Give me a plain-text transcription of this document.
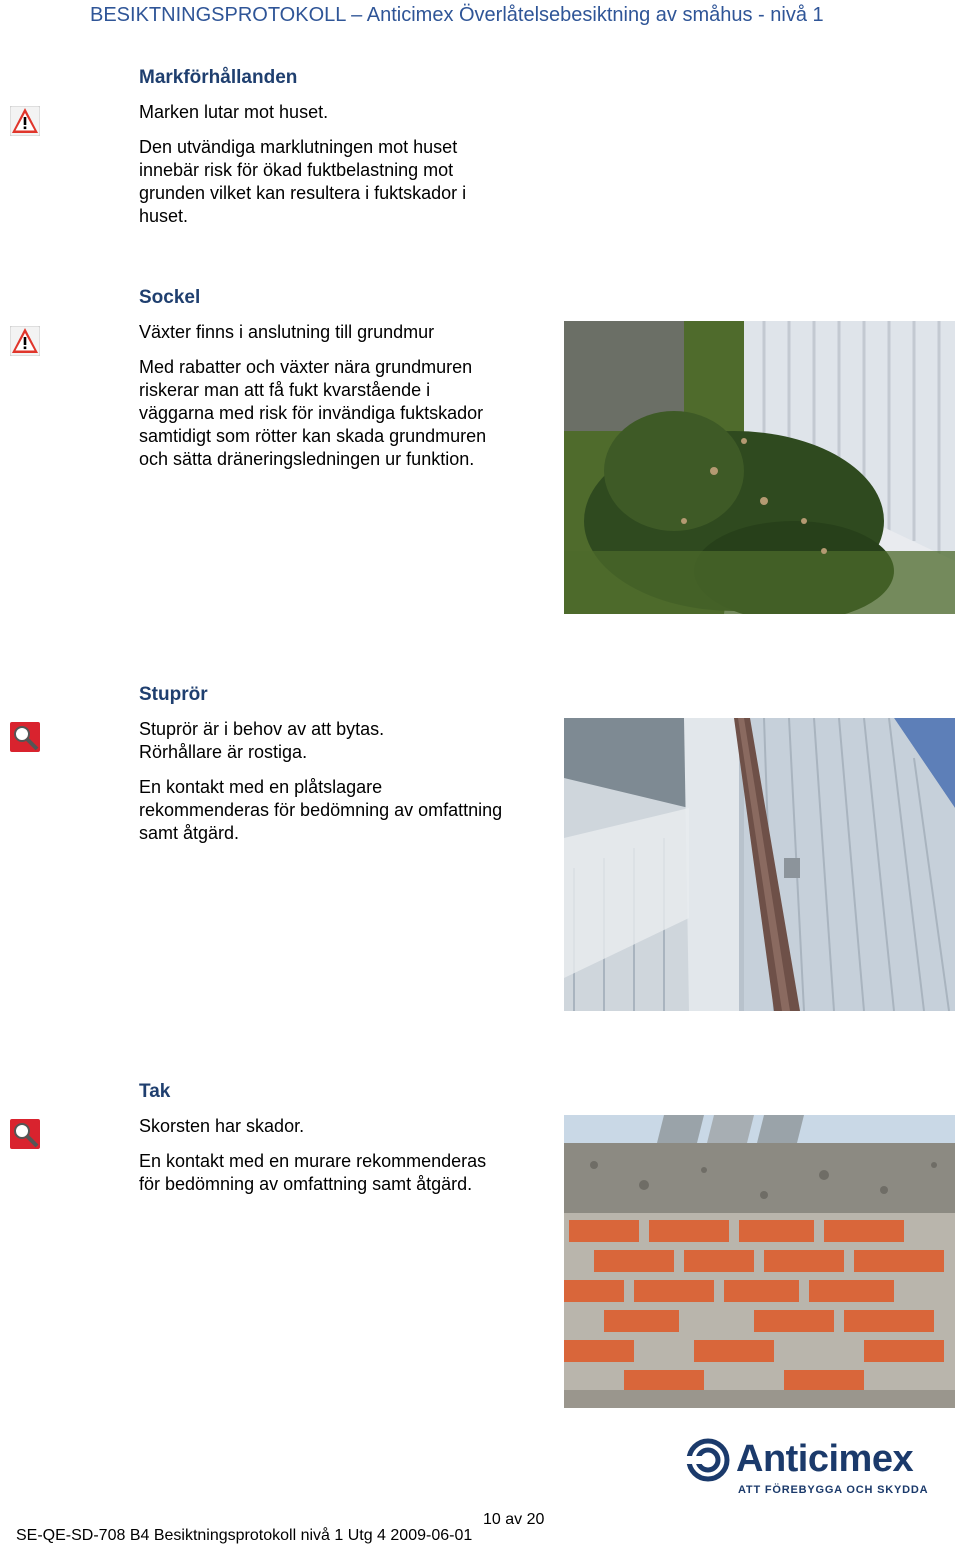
BESIKTNINGSPROTOKOLL – Anticimex Överlåtelsebesiktning av småhus - nivå 1
Markförhållanden
Marken lutar mot huset.
Den utvändiga marklutningen mot huset
innebär risk för ökad fuktbelastning mot
grunden vilket kan resultera i fuktskador i
huset.
Sockel
Växter finns i anslutning till grundmur
Med rabatter och växter nära grundmuren
riskerar man att få fukt kvarstående i
väggarna med risk för invändiga fuktskador
samtidigt som rötter kan skada grundmuren
och sätta dräneringsledningen ur funktion.
Stuprör
Stuprör är i behov av att bytas.
Rörhållare är rostiga.
En kontakt med en plåtslagare
rekommenderas för bedömning av omfattning
samt åtgärd.
Tak
Skorsten har skador.
En kontakt med en murare rekommenderas
för bedömning av omfattning samt åtgärd.
Anticimex
ATT FÖREBYGGA OCH SKYDDA
10 av 20
SE-QE-SD-708 B4 Besiktningsprotokoll nivå 1 Utg 4 2009-06-01
